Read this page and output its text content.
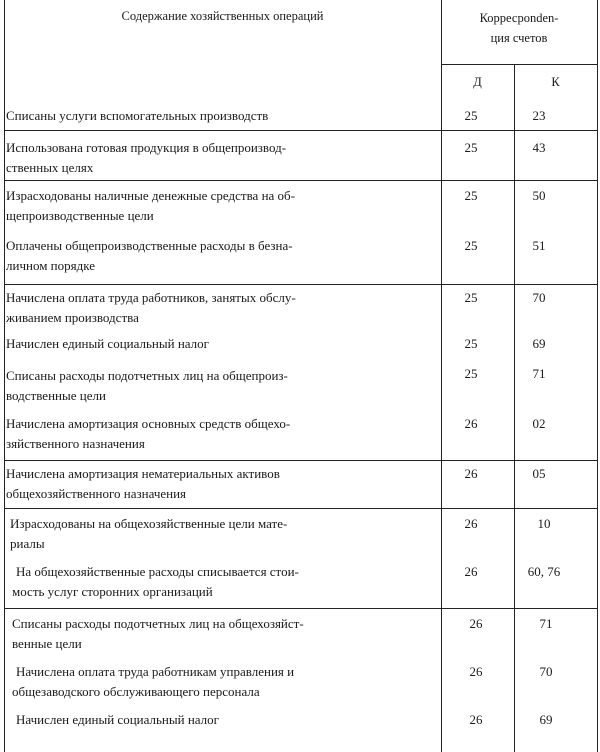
Содержание хозяйственных операций	Корресponden-
ция счетов
Д	К
Списаны услуги вспомогательных производств	25	23
Использована готовая продукция в общепроизвод-
ственных целях
25	43
Израсходованы наличные денежные средства на об-
щепроизводственные цели
25	50
Оплачены общепроизводственные расходы в безна-
личном порядке
25	51
Начислена оплата труда работников, занятых обслу-
живанием производства
25	70
Начислен единый социальный налог	25	69
Списаны расходы подотчетных лиц на общепроиз-
водственные цели
25	71
Начислена амортизация основных средств общехо-
зяйственного назначения
26	02
Начислена амортизация нематериальных активов
общехозяйственного назначения
26	05
Израсходованы на общехозяйственные цели мате-
риалы
26	10
На общехозяйственные расходы списывается стои-
мость услуг сторонних организаций
26	60, 76
Списаны расходы подотчетных лиц на общехозяйст-
венные цели
26	71
Начислена оплата труда работникам управления и
общезаводского обслуживающего персонала
26	70
Начислен единый социальный налог	26	69
